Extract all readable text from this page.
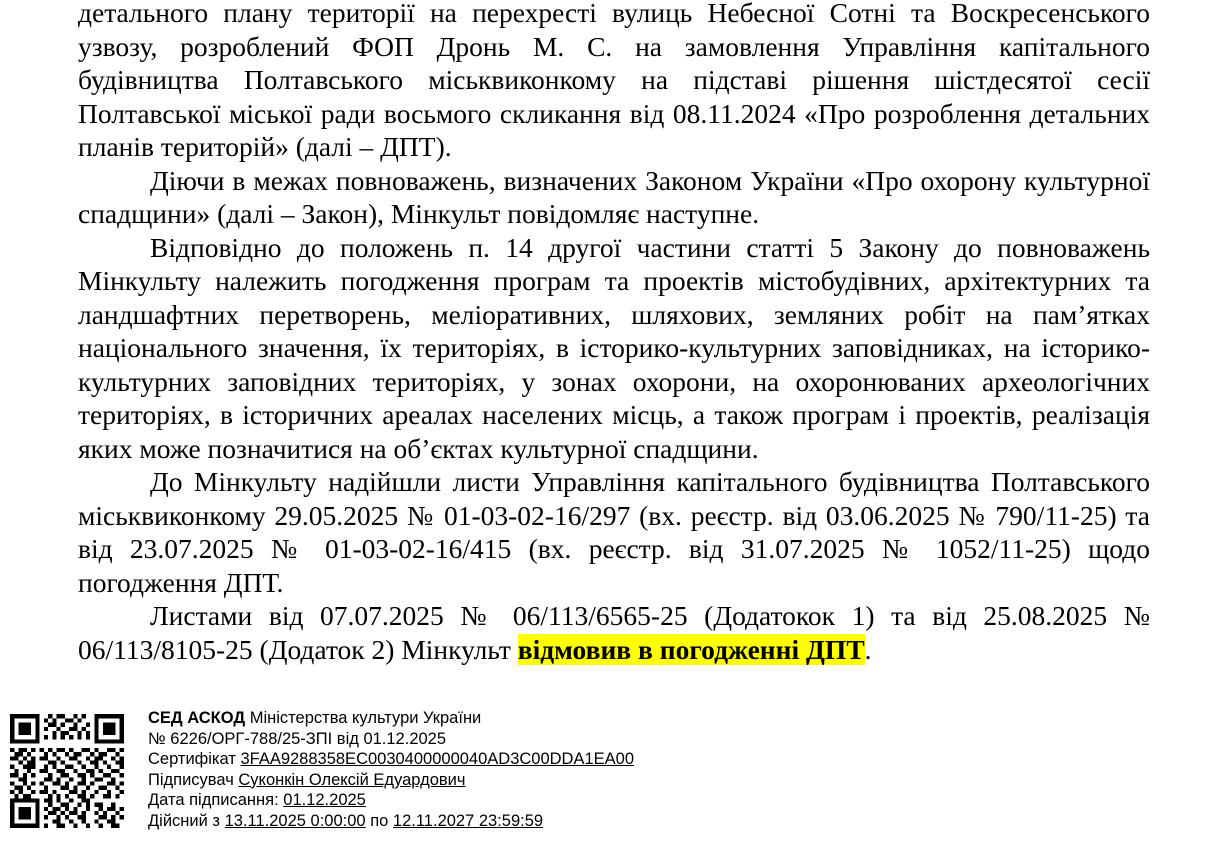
детального плану території на перехресті вулиць Небесної Сотні та Воскресенського узвозу, розроблений ФОП Дронь М. С. на замовлення Управління капітального будівництва Полтавського міськвиконкому на підставі рішення шістдесятої сесії Полтавської міської ради восьмого скликання від 08.11.2024 «Про розроблення детальних планів територій» (далі – ДПТ).

Діючи в межах повноважень, визначених Законом України «Про охорону культурної спадщини» (далі – Закон), Мінкульт повідомляє наступне.

Відповідно до положень п. 14 другої частини статті 5 Закону до повноважень Мінкульту належить погодження програм та проектів містобудівних, архітектурних та ландшафтних перетворень, меліоративних, шляхових, земляних робіт на пам’ятках національного значення, їх територіях, в історико-культурних заповідниках, на історико-культурних заповідних територіях, у зонах охорони, на охоронюваних археологічних територіях, в історичних ареалах населених місць, а також програм і проектів, реалізація яких може позначитися на об’єктах культурної спадщини.

До Мінкульту надійшли листи Управління капітального будівництва Полтавського міськвиконкому 29.05.2025 № 01-03-02-16/297 (вх. реєстр. від 03.06.2025 № 790/11-25) та від 23.07.2025 № 01-03-02-16/415 (вх. реєстр. від 31.07.2025 № 1052/11-25) щодо погодження ДПТ.

Листами від 07.07.2025 № 06/113/6565-25 (Додатокок 1) та від 25.08.2025 № 06/113/8105-25 (Додаток 2) Мінкульт відмовив в погодженні ДПТ.

СЕД АСКОД Міністерства культури України
№ 6226/ОРГ-788/25-ЗПІ від 01.12.2025
Сертифікат 3FAA9288358EC0030400000040AD3C00DDA1EA00
Підписувач Суконкін Олексій Едуардович
Дата підписання: 01.12.2025
Дійсний з 13.11.2025 0:00:00 по 12.11.2027 23:59:59
